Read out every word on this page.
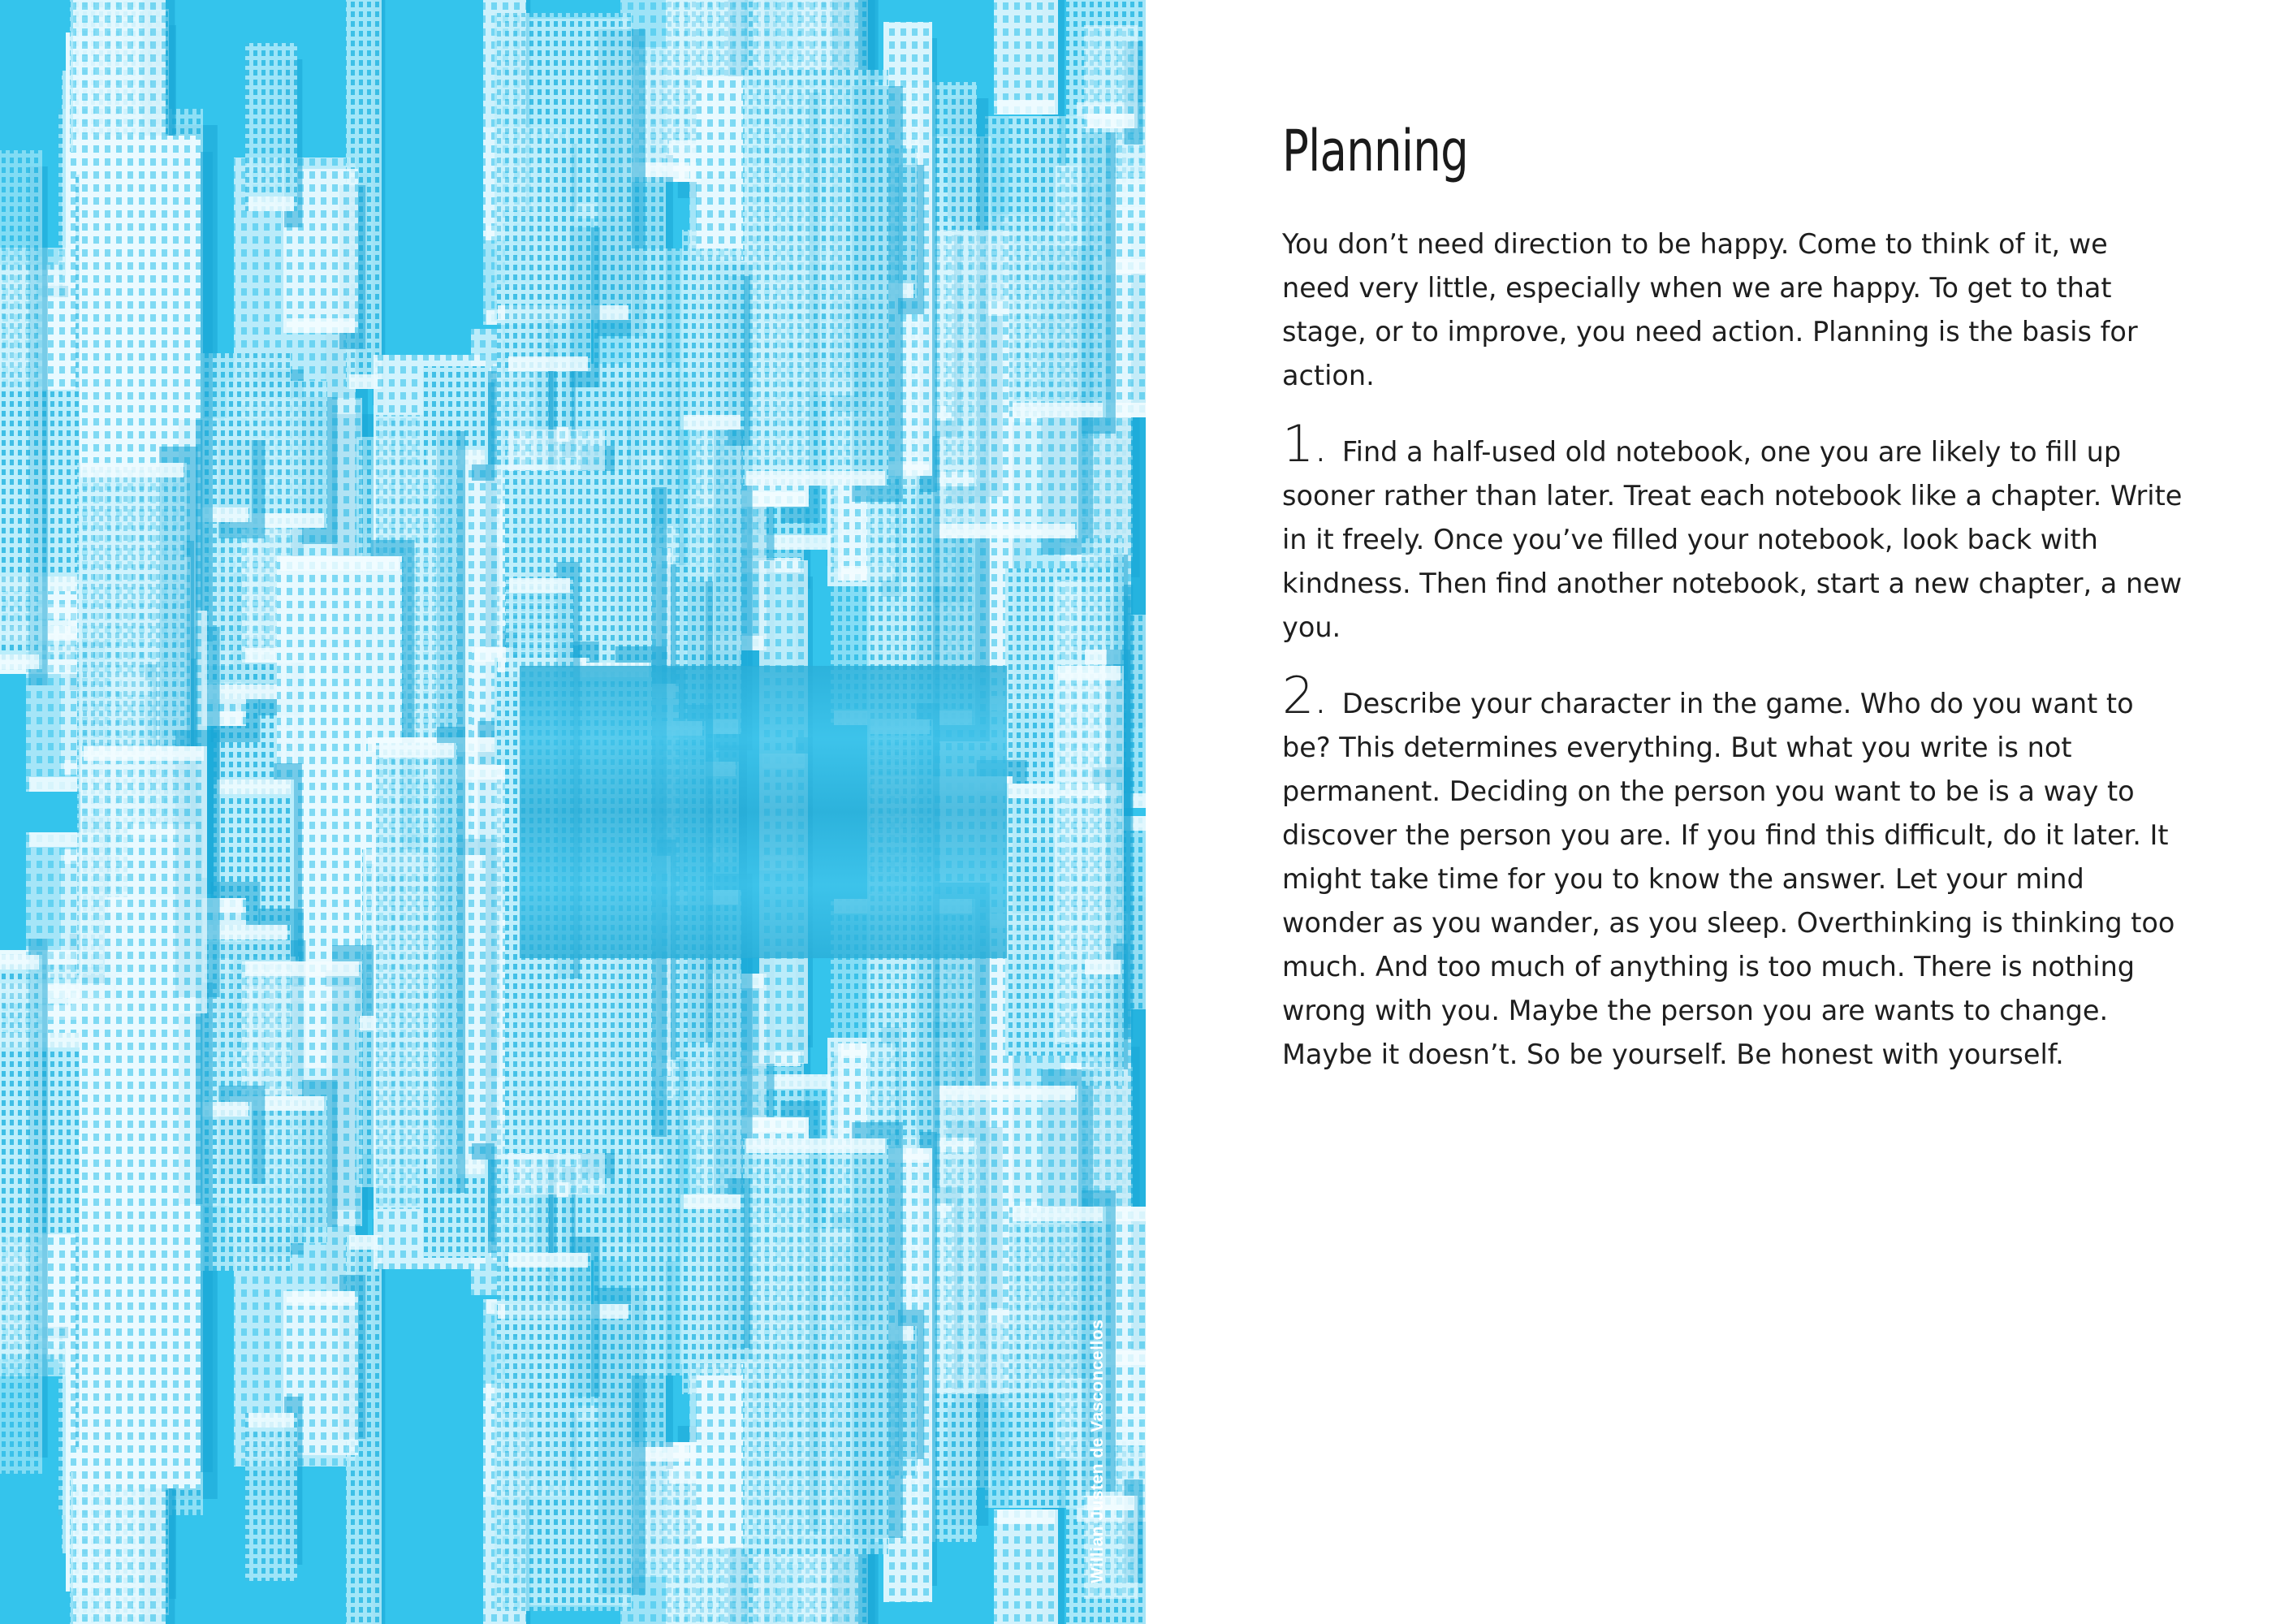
Willian Justen de Vasconcellos
Planning

You don’t need direction to be happy. Come to think of it, we need very little, especially when we are happy. To get to that stage, or to improve, you need action. Planning is the basis for action.

1. Find a half-used old notebook, one you are likely to fill up sooner rather than later. Treat each notebook like a chapter. Write in it freely. Once you’ve filled your notebook, look back with kindness. Then find another notebook, start a new chapter, a new you.

2. Describe your character in the game. Who do you want to be? This determines everything. But what you write is not permanent. Deciding on the person you want to be is a way to discover the person you are. If you find this difficult, do it later. It might take time for you to know the answer. Let your mind wonder as you wander, as you sleep. Overthinking is thinking too much. And too much of anything is too much. There is nothing wrong with you. Maybe the person you are wants to change. Maybe it doesn’t. So be yourself. Be honest with yourself.
